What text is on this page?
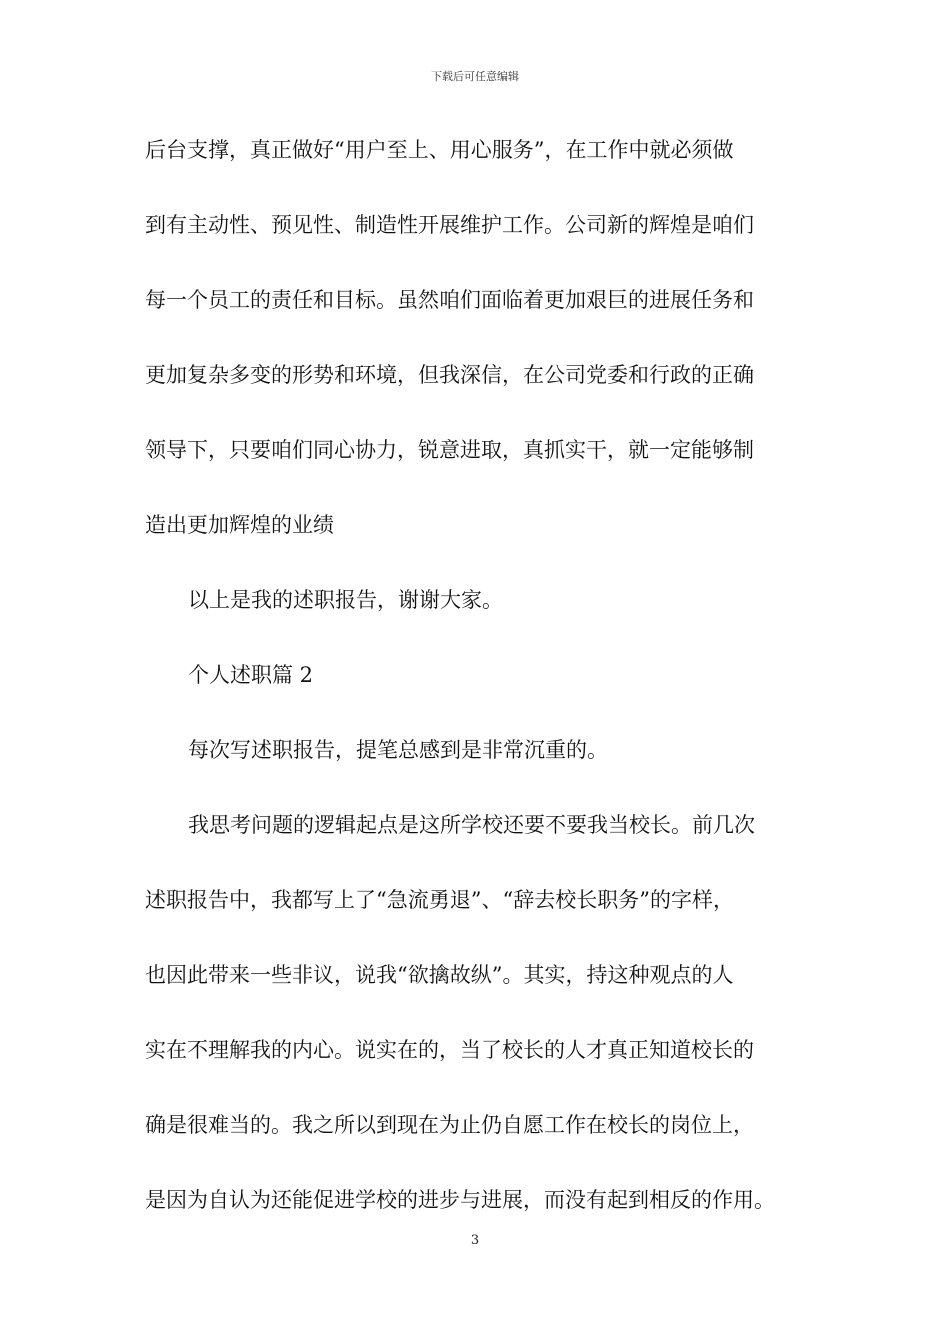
下载后可任意编辑
后台支撑，真正做好“用户至上、用心服务”，在工作中就必须做
到有主动性、预见性、制造性开展维护工作。公司新的辉煌是咱们
每一个员工的责任和目标。虽然咱们面临着更加艰巨的进展任务和
更加复杂多变的形势和环境，但我深信，在公司党委和行政的正确
领导下，只要咱们同心协力，锐意进取，真抓实干，就一定能够制
造出更加辉煌的业绩
以上是我的述职报告，谢谢大家。
个人述职篇 2
每次写述职报告，提笔总感到是非常沉重的。
我思考问题的逻辑起点是这所学校还要不要我当校长。前几次
述职报告中，我都写上了“急流勇退”、“辞去校长职务”的字样，
也因此带来一些非议，说我“欲擒故纵”。其实，持这种观点的人
实在不理解我的内心。说实在的，当了校长的人才真正知道校长的
确是很难当的。我之所以到现在为止仍自愿工作在校长的岗位上，
是因为自认为还能促进学校的进步与进展，而没有起到相反的作用。
3
